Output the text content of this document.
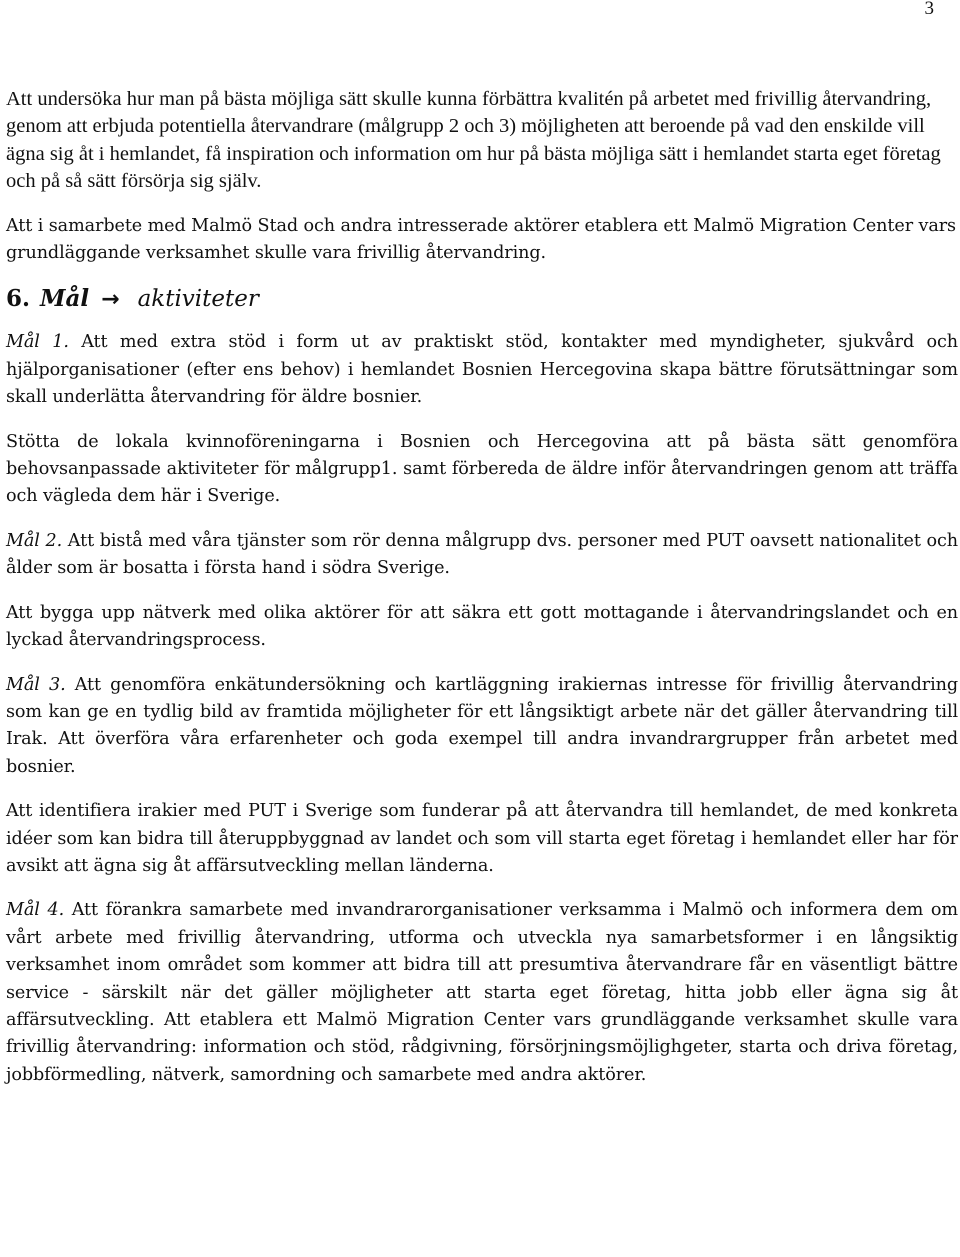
3

Att undersöka hur man på bästa möjliga sätt skulle kunna förbättra kvalitén på arbetet med frivillig återvandring, genom att erbjuda potentiella återvandrare (målgrupp 2 och 3) möjligheten att beroende på vad den enskilde vill ägna sig åt i hemlandet, få inspiration och information om hur på bästa möjliga sätt i hemlandet starta eget företag och på så sätt försörja sig själv.

Att i samarbete med Malmö Stad och andra intresserade aktörer etablera ett Malmö Migration Center vars grundläggande verksamhet skulle vara frivillig återvandring.

6. Mål → aktiviteter

Mål 1. Att med extra stöd i form ut av praktiskt stöd, kontakter med myndigheter, sjukvård och hjälporganisationer (efter ens behov) i hemlandet Bosnien Hercegovina skapa bättre förutsättningar som skall underlätta återvandring för äldre bosnier.

Stötta de lokala kvinnoföreningarna i Bosnien och Hercegovina att på bästa sätt genomföra behovsanpassade aktiviteter för målgrupp1. samt förbereda de äldre inför återvandringen genom att träffa och vägleda dem här i Sverige.

Mål 2. Att bistå med våra tjänster som rör denna målgrupp dvs. personer med PUT oavsett nationalitet och ålder som är bosatta i första hand i södra Sverige.

Att bygga upp nätverk med olika aktörer för att säkra ett gott mottagande i återvandringslandet och en lyckad återvandringsprocess.

Mål 3. Att genomföra enkätundersökning och kartläggning irakiernas intresse för frivillig återvandring som kan ge en tydlig bild av framtida möjligheter för ett långsiktigt arbete när det gäller återvandring till Irak. Att överföra våra erfarenheter och goda exempel till andra invandrargrupper från arbetet med bosnier.

Att identifiera irakier med PUT i Sverige som funderar på att återvandra till hemlandet, de med konkreta idéer som kan bidra till återuppbyggnad av landet och som vill starta eget företag i hemlandet eller har för avsikt att ägna sig åt affärsutveckling mellan länderna.

Mål 4. Att förankra samarbete med invandrarorganisationer verksamma i Malmö och informera dem om vårt arbete med frivillig återvandring, utforma och utveckla nya samarbetsformer i en långsiktig verksamhet inom området som kommer att bidra till att presumtiva återvandrare får en väsentligt bättre service - särskilt när det gäller möjligheter att starta eget företag, hitta jobb eller ägna sig åt affärsutveckling. Att etablera ett Malmö Migration Center vars grundläggande verksamhet skulle vara frivillig återvandring: information och stöd, rådgivning, försörjningsmöjlighgeter, starta och driva företag, jobbförmedling, nätverk, samordning och samarbete med andra aktörer.
